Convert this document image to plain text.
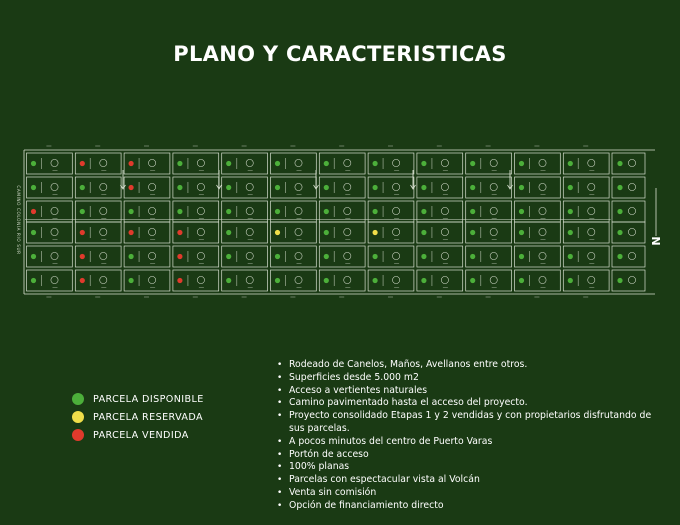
PLANO Y CARACTERISTICAS
N
CAMINO COLONIA RIO SUR
PARCELA DISPONIBLE
PARCELA RESERVADA
PARCELA VENDIDA
• Rodeado de Canelos, Maños, Avellanos entre otros.
• Superficies desde 5.000 m2
• Acceso a vertientes naturales
• Camino pavimentado hasta el acceso del proyecto.
• Proyecto consolidado Etapas 1 y 2 vendidas y con propietarios disfrutando de sus parcelas.
• A pocos minutos del centro de Puerto Varas
• Portón de acceso
• 100% planas
• Parcelas con espectacular vista al Volcán
• Venta sin comisión
• Opción de financiamiento directo
